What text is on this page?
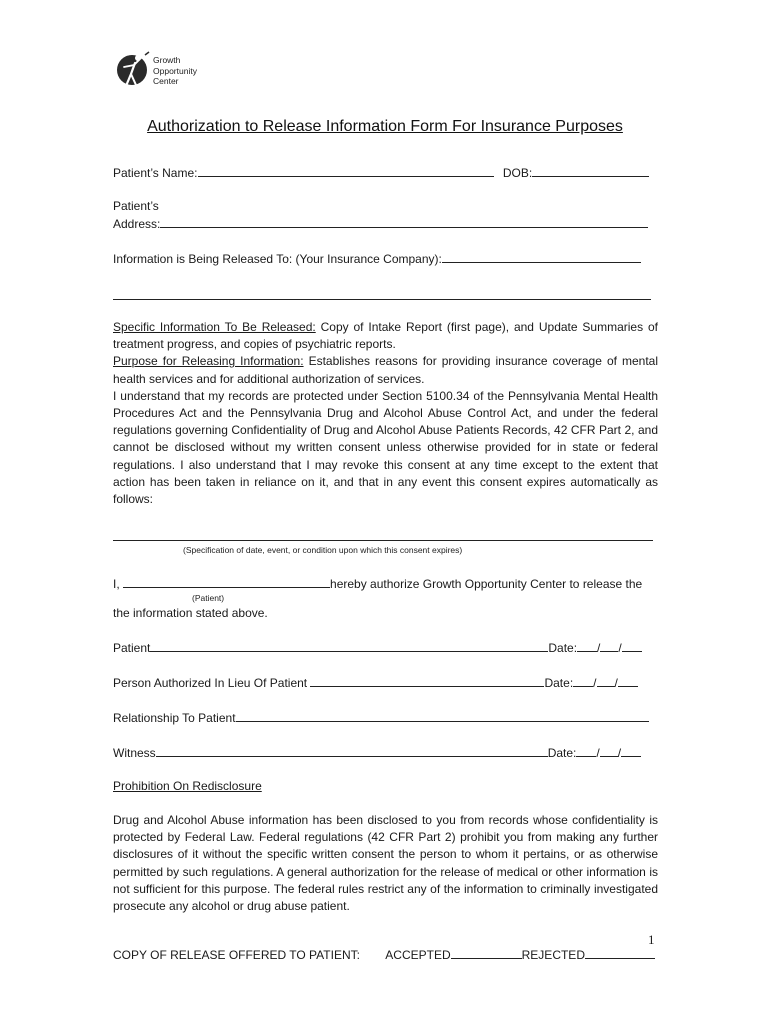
Growth
Opportunity
Center
Authorization to Release Information Form For Insurance Purposes
Patient’s Name:	DOB:
Patient’s
Address:
Information is Being Released To: (Your Insurance Company):

Specific Information To Be Released: Copy of Intake Report (first page), and Update Summaries of treatment progress, and copies of psychiatric reports.

Purpose for Releasing Information: Establishes reasons for providing insurance coverage of mental health services and for additional authorization of services.

I understand that my records are protected under Section 5100.34 of the Pennsylvania Mental Health Procedures Act and the Pennsylvania Drug and Alcohol Abuse Control Act, and under the federal regulations governing Confidentiality of Drug and Alcohol Abuse Patients Records, 42 CFR Part 2, and cannot be disclosed without my written consent unless otherwise provided for in state or federal regulations. I also understand that I may revoke this consent at any time except to the extent that action has been taken in reliance on it, and that in any event this consent expires automatically as follows:

(Specification of date, event, or condition upon which this consent expires)
I,	hereby authorize Growth Opportunity Center to release the
(Patient)
the information stated above.
Patient	Date: / /
Person Authorized In Lieu Of Patient	Date: / /
Relationship To Patient
Witness	Date: / /
Prohibition On Redisclosure
Drug and Alcohol Abuse information has been disclosed to you from records whose confidentiality is protected by Federal Law. Federal regulations (42 CFR Part 2) prohibit you from making any further disclosures of it without the specific written consent the person to whom it pertains, or as otherwise permitted by such regulations. A general authorization for the release of medical or other information is not sufficient for this purpose. The federal rules restrict any of the information to criminally investigated prosecute any alcohol or drug abuse patient.
1
COPY OF RELEASE OFFERED TO PATIENT: ACCEPTED	REJECTED
